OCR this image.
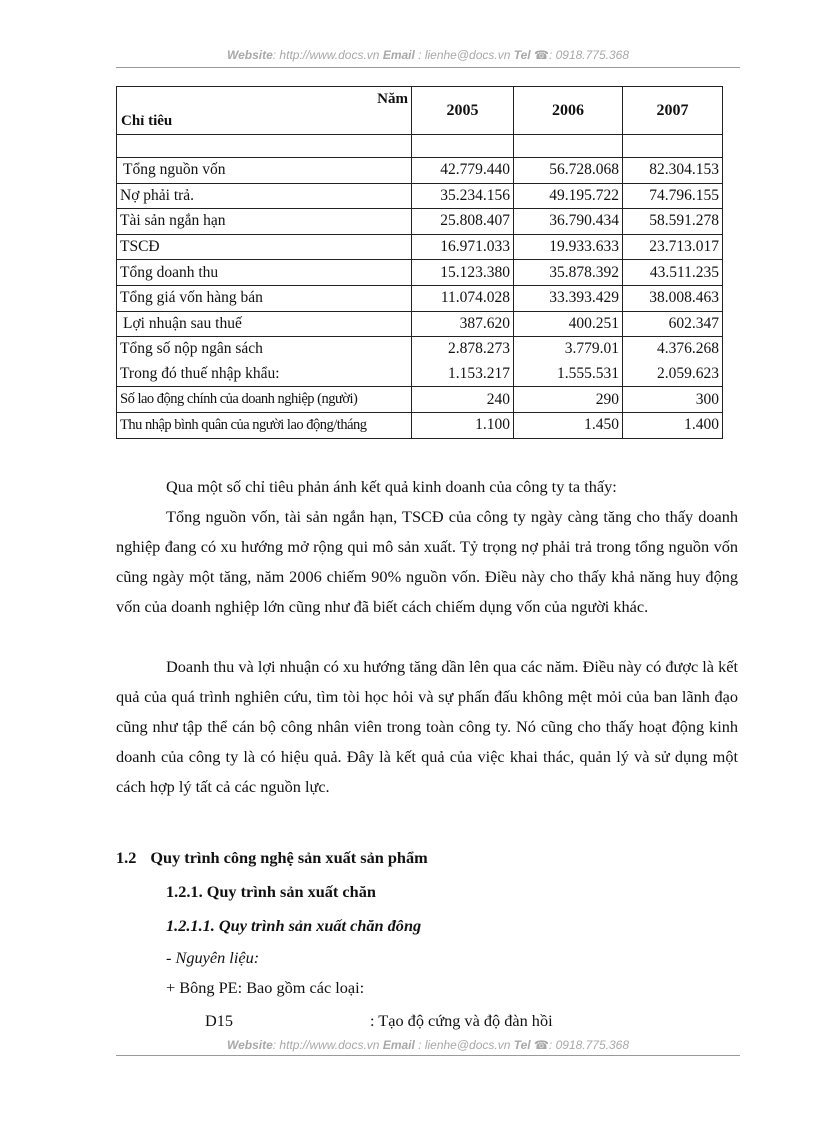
Website: http://www.docs.vn Email : lienhe@docs.vn Tel ☎: 0918.775.368
Năm
Chỉ tiêu	2005	2006	2007

Tổng nguồn vốn	42.779.440	56.728.068	82.304.153
Nợ phải trả.	35.234.156	49.195.722	74.796.155
Tài sản ngắn hạn	25.808.407	36.790.434	58.591.278
TSCĐ	16.971.033	19.933.633	23.713.017
Tổng doanh thu	15.123.380	35.878.392	43.511.235
Tổng giá vốn hàng bán	11.074.028	33.393.429	38.008.463
Lợi nhuận sau thuế	387.620	400.251	602.347
Tổng số nộp ngân sách	2.878.273	3.779.01	4.376.268
Trong đó thuế nhập khẩu:	1.153.217	1.555.531	2.059.623
Số lao động chính của doanh nghiệp (người)	240	290	300
Thu nhập bình quân của người lao động/tháng	1.100	1.450	1.400

Qua một số chỉ tiêu phản ánh kết quả kinh doanh của công ty ta thấy:

Tổng nguồn vốn, tài sản ngắn hạn, TSCĐ của công ty ngày càng tăng cho thấy doanh nghiệp đang có xu hướng mở rộng qui mô sản xuất. Tỷ trọng nợ phải trả trong tổng nguồn vốn cũng ngày một tăng, năm 2006 chiếm 90% nguồn vốn. Điều này cho thấy khả năng huy động vốn của doanh nghiệp lớn cũng như đã biết cách chiếm dụng vốn của người khác.

Doanh thu và lợi nhuận có xu hướng tăng dần lên qua các năm. Điều này có được là kết quả của quá trình nghiên cứu, tìm tòi học hỏi và sự phấn đấu không mệt mỏi của ban lãnh đạo cũng như tập thể cán bộ công nhân viên trong toàn công ty. Nó cũng cho thấy hoạt động kinh doanh của công ty là có hiệu quả. Đây là kết quả của việc khai thác, quản lý và sử dụng một cách hợp lý tất cả các nguồn lực.

1.2 Quy trình công nghệ sản xuất sản phẩm
1.2.1. Quy trình sản xuất chăn
1.2.1.1. Quy trình sản xuất chăn đông
- Nguyên liệu:
+ Bông PE: Bao gồm các loại:
D15	: Tạo độ cứng và độ đàn hồi
Website: http://www.docs.vn Email : lienhe@docs.vn Tel ☎: 0918.775.368
